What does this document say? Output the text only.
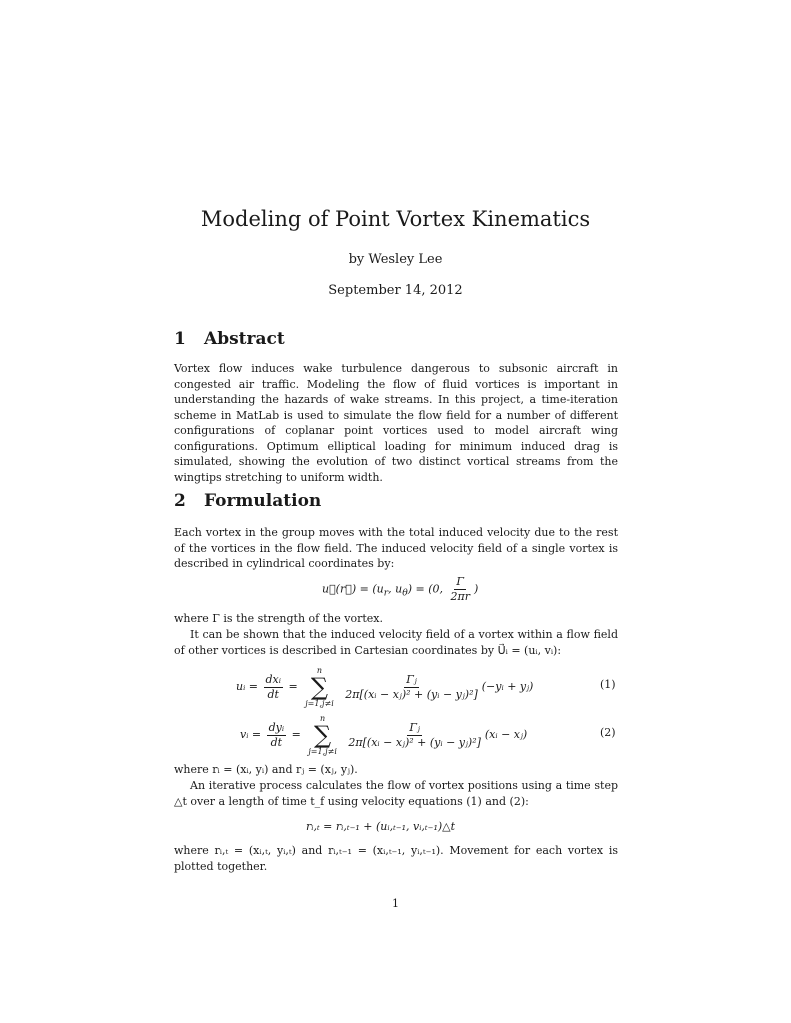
Modeling of Point Vortex Kinematics
by Wesley Lee
September 14, 2012
1 Abstract
Vortex flow induces wake turbulence dangerous to subsonic aircraft in congested air traffic. Modeling the flow of fluid vortices is important in understanding the hazards of wake streams. In this project, a time-iteration scheme in MatLab is used to simulate the flow field for a number of different configurations of coplanar point vortices used to model aircraft wing configurations. Optimum elliptical loading for minimum induced drag is simulated, showing the evolution of two distinct vortical streams from the wingtips stretching to uniform width.
2 Formulation
Each vortex in the group moves with the total induced velocity due to the rest of the vortices in the flow field. The induced velocity field of a single vortex is described in cylindrical coordinates by:
u⃗(r⃗) = ($u_r$, $u_\theta) = (0$, $\frac{\Gamma}{2\pi r}$ )
where Γ is the strength of the vortex.
It can be shown that the induced velocity field of a vortex within a flow field of other vortices is described in Cartesian coordinates by U⃗ᵢ = (uᵢ, vᵢ):
uᵢ = $\frac{\text{dxᵢ}}{dt}$ =
n
∑
j=1,j≠i

$\frac{\text{Γⱼ}}{\text{2π[(xᵢ − xⱼ)² + (yᵢ − yⱼ)²]}}$ (−yᵢ + yⱼ)	(1)
vᵢ = $\frac{\text{dyᵢ}}{dt}$ =
n
∑
j=1,j≠i

$\frac{\text{Γⱼ}}{\text{2π[(xᵢ − xⱼ)² + (yᵢ − yⱼ)²]}}$ (xᵢ − xⱼ)	(2)
where rᵢ = (xᵢ, yᵢ) and rⱼ = (xⱼ, yⱼ).
An iterative process calculates the flow of vortex positions using a time step △t over a length of time t_f using velocity equations (1) and (2):
rᵢ,ₜ = rᵢ,ₜ₋₁ + (uᵢ,ₜ₋₁, vᵢ,ₜ₋₁)△t
where rᵢ,ₜ = (xᵢ,ₜ, yᵢ,ₜ) and rᵢ,ₜ₋₁ = (xᵢ,ₜ₋₁, yᵢ,ₜ₋₁). Movement for each vortex is plotted together.
1
